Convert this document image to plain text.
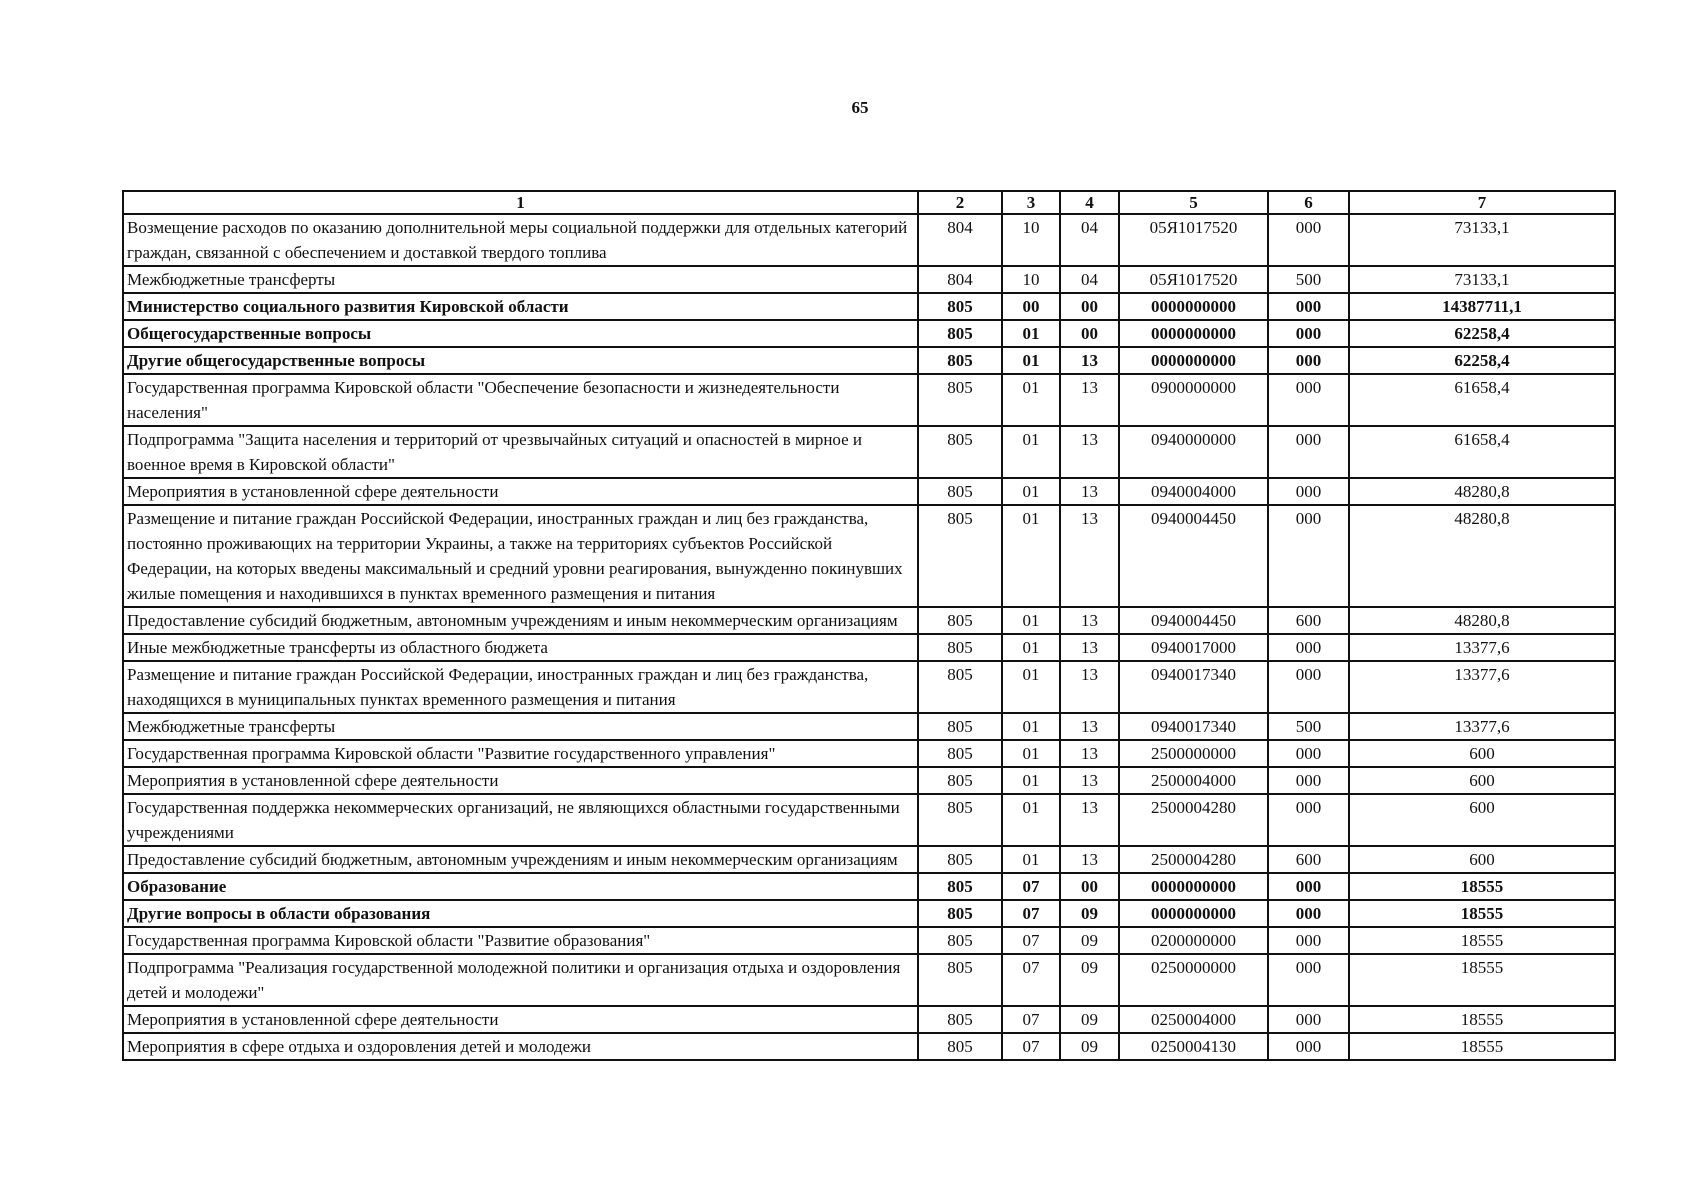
65
1	2	3	4	5	6	7
Возмещение расходов по оказанию дополнительной меры социальной поддержки для отдельных категорий граждан, связанной с обеспечением и доставкой твердого топлива	804	10	04	05Я1017520	000	73133,1
Межбюджетные трансферты	804	10	04	05Я1017520	500	73133,1
Министерство социального развития Кировской области	805	00	00	0000000000	000	14387711,1
Общегосударственные вопросы	805	01	00	0000000000	000	62258,4
Другие общегосударственные вопросы	805	01	13	0000000000	000	62258,4
Государственная программа Кировской области "Обеспечение безопасности и жизнедеятельности населения"	805	01	13	0900000000	000	61658,4
Подпрограмма "Защита населения и территорий от чрезвычайных ситуаций и опасностей в мирное и военное время в Кировской области"	805	01	13	0940000000	000	61658,4
Мероприятия в установленной сфере деятельности	805	01	13	0940004000	000	48280,8
Размещение и питание граждан Российской Федерации, иностранных граждан и лиц без гражданства, постоянно проживающих на территории Украины, а также на территориях субъектов Российской Федерации, на которых введены максимальный и средний уровни реагирования, вынужденно покинувших жилые помещения и находившихся в пунктах временного размещения и питания	805	01	13	0940004450	000	48280,8
Предоставление субсидий бюджетным, автономным учреждениям и иным некоммерческим организациям	805	01	13	0940004450	600	48280,8
Иные межбюджетные трансферты из областного бюджета	805	01	13	0940017000	000	13377,6
Размещение и питание граждан Российской Федерации, иностранных граждан и лиц без гражданства, находящихся в муниципальных пунктах временного размещения и питания	805	01	13	0940017340	000	13377,6
Межбюджетные трансферты	805	01	13	0940017340	500	13377,6
Государственная программа Кировской области "Развитие государственного управления"	805	01	13	2500000000	000	600
Мероприятия в установленной сфере деятельности	805	01	13	2500004000	000	600
Государственная поддержка некоммерческих организаций, не являющихся областными государственными учреждениями	805	01	13	2500004280	000	600
Предоставление субсидий бюджетным, автономным учреждениям и иным некоммерческим организациям	805	01	13	2500004280	600	600
Образование	805	07	00	0000000000	000	18555
Другие вопросы в области образования	805	07	09	0000000000	000	18555
Государственная программа Кировской области "Развитие образования"	805	07	09	0200000000	000	18555
Подпрограмма "Реализация государственной молодежной политики и организация отдыха и оздоровления детей и молодежи"	805	07	09	0250000000	000	18555
Мероприятия в установленной сфере деятельности	805	07	09	0250004000	000	18555
Мероприятия в сфере отдыха и оздоровления детей и молодежи	805	07	09	0250004130	000	18555
